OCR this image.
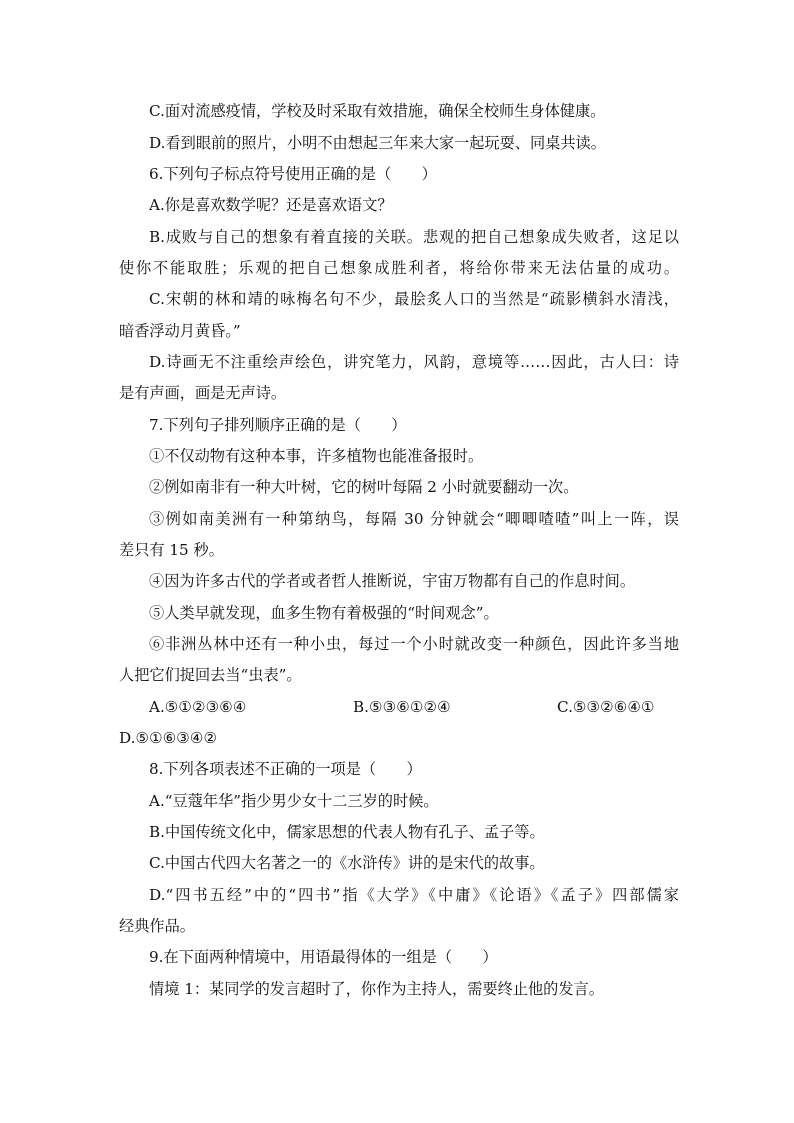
C.面对流感疫情，学校及时采取有效措施，确保全校师生身体健康。
D.看到眼前的照片，小明不由想起三年来大家一起玩耍、同桌共读。
6.下列句子标点符号使用正确的是（　　）
A.你是喜欢数学呢？还是喜欢语文？
B.成败与自己的想象有着直接的关联。悲观的把自己想象成失败者，这足以
使你不能取胜；乐观的把自己想象成胜利者，将给你带来无法估量的成功。
C.宋朝的林和靖的咏梅名句不少，最脍炙人口的当然是“疏影横斜水清浅，
暗香浮动月黄昏。”
D.诗画无不注重绘声绘色，讲究笔力，风韵，意境等……因此，古人曰：诗
是有声画，画是无声诗。
7.下列句子排列顺序正确的是（　　）
①不仅动物有这种本事，许多植物也能准备报时。
②例如南非有一种大叶树，它的树叶每隔 2 小时就要翻动一次。
③例如南美洲有一种第纳鸟，每隔 30 分钟就会“唧唧喳喳”叫上一阵，误
差只有 15 秒。
④因为许多古代的学者或者哲人推断说，宇宙万物都有自己的作息时间。
⑤人类早就发现，血多生物有着极强的“时间观念”。
⑥非洲丛林中还有一种小虫，每过一个小时就改变一种颜色，因此许多当地
人把它们捉回去当“虫表”。
A.⑤①②③⑥④	B.⑤③⑥①②④	C.⑤③②⑥④①
D.⑤①⑥③④②
8.下列各项表述不正确的一项是（　　）
A.“豆蔻年华”指少男少女十二三岁的时候。
B.中国传统文化中，儒家思想的代表人物有孔子、孟子等。
C.中国古代四大名著之一的《水浒传》讲的是宋代的故事。
D.“四书五经”中的“四书”指《大学》《中庸》《论语》《孟子》四部儒家
经典作品。
9.在下面两种情境中，用语最得体的一组是（　　）
情境 1：某同学的发言超时了，你作为主持人，需要终止他的发言。
